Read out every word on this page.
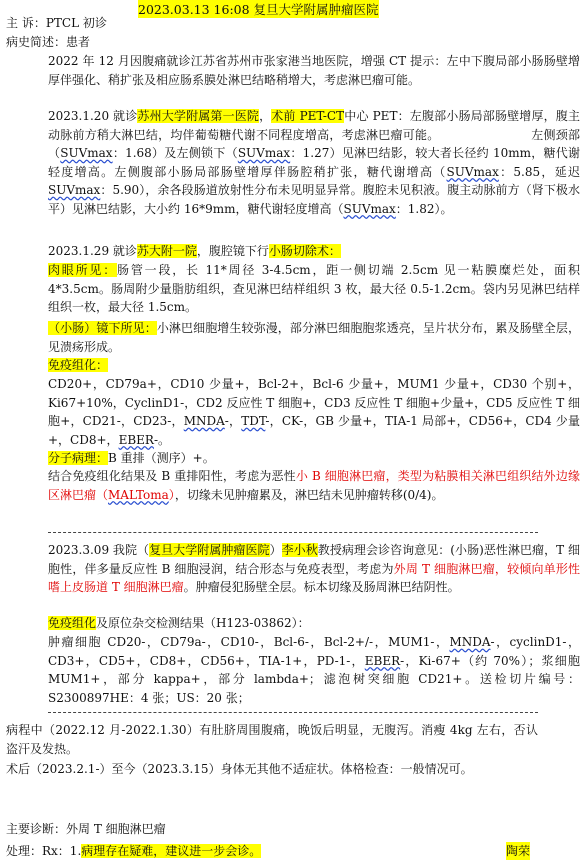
2023.03.13 16:08 复旦大学附属肿瘤医院
主 诉：PTCL 初诊
病史简述：患者
2022 年 12 月因腹痛就诊江苏省苏州市张家港当地医院，增强 CT 提示：左中下腹局部小肠肠壁增厚伴强化、稍扩张及相应肠系膜处淋巴结略稍增大，考虑淋巴瘤可能。
2023.1.20 就诊苏州大学附属第一医院，术前 PET-CT中心 PET：左腹部小肠局部肠壁增厚，腹主动脉前方稍大淋巴结，均伴葡萄糖代谢不同程度增高，考虑淋巴瘤可能。　　　　　　　　左侧颈部（SUVmax：1.68）及左侧锁下（SUVmax：1.27）见淋巴结影，较大者长径约 10mm，糖代谢轻度增高。左侧腹部小肠局部肠壁增厚伴肠腔稍扩张，糖代谢增高（SUVmax：5.85，延迟 SUVmax：5.90），余各段肠道放射性分布未见明显异常。腹腔未见积液。腹主动脉前方（肾下极水平）见淋巴结影，大小约 16*9mm，糖代谢轻度增高（SUVmax：1.82）。
2023.1.29 就诊苏大附一院，腹腔镜下行小肠切除术：
肉眼所见：肠管一段，长 11*周径 3-4.5cm，距一侧切端 2.5cm 见一粘膜糜烂处，面积 4*3.5cm。肠周附少量脂肪组织，查见淋巴结样组织 3 枚，最大径 0.5-1.2cm。袋内另见淋巴结样组织一枚，最大径 1.5cm。
（小肠）镜下所见：小淋巴细胞增生较弥漫，部分淋巴细胞胞浆透亮，呈片状分布，累及肠壁全层，见溃疡形成。
免疫组化：
CD20+，CD79a+，CD10 少量+，Bcl-2+，Bcl-6 少量+，MUM1 少量+，CD30 个别+，Ki67+10%，CyclinD1-，CD2 反应性 T 细胞+，CD3 反应性 T 细胞+少量+，CD5 反应性 T 细胞+，CD21-，CD23-，MNDA-，TDT-，CK-，GB 少量+，TIA-1 局部+，CD56+，CD4 少量+，CD8+，EBER-。
分子病理：B 重排（测序）+。
结合免疫组化结果及 B 重排阳性，考虑为恶性小 B 细胞淋巴瘤，类型为粘膜相关淋巴组织结外边缘区淋巴瘤（MALToma），切缘未见肿瘤累及，淋巴结未见肿瘤转移(0/4)。
2023.3.09 我院（复旦大学附属肿瘤医院）李小秋教授病理会诊咨询意见：(小肠)恶性淋巴瘤，T 细胞性，伴多量反应性 B 细胞浸润，结合形态与免疫表型，考虑为外周 T 细胞淋巴瘤，较倾向单形性嗜上皮肠道 T 细胞淋巴瘤。肿瘤侵犯肠壁全层。标本切缘及肠周淋巴结阴性。
免疫组化及原位杂交检测结果（H123-03862）：
肿瘤细胞 CD20-，CD79a-，CD10-，Bcl-6-，Bcl-2+/-，MUM1-，MNDA-，cyclinD1-，CD3+，CD5+，CD8+，CD56+，TIA-1+，PD-1-，EBER-，Ki-67+（约 70%）；浆细胞 MUM1+，部分 kappa+，部分 lambda+；滤泡树突细胞 CD21+。送检切片编号：S2300897HE：4 张；US：20 张；
病程中（2022.12 月-2022.1.30）有肚脐周围腹痛，晚饭后明显，无腹泻。消瘦 4kg 左右，否认盗汗及发热。
术后（2023.2.1-）至今（2023.3.15）身体无其他不适症状。体格检查：一般情况可。
主要诊断：外周 T 细胞淋巴瘤
处理：Rx：1.病理存在疑难，建议进一步会诊。	陶荣
